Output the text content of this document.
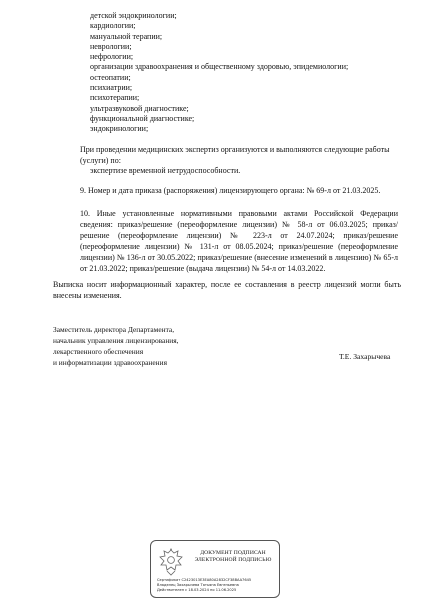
детской эндокринологии;
кардиологии;
мануальной терапии;
неврологии;
нефрологии;
организации здравоохранения и общественному здоровью, эпидемиологии;
остеопатии;
психиатрии;
психотерапии;
ультразвуковой диагностике;
функциональной диагностике;
эндокринологии;
При проведении медицинских экспертиз организуются и выполняются следующие работы (услуги) по:
экспертизе временной нетрудоспособности.
9. Номер и дата приказа (распоряжения) лицензирующего органа: № 69-л от 21.03.2025.

10. Иные установленные нормативными правовыми актами Российской Федерации сведения: приказ/решение (переоформление лицензии) № 58-л от 06.03.2025; приказ/решение (переоформление лицензии) № 223-л от 24.07.2024; приказ/решение (переоформление лицензии) № 131-л от 08.05.2024; приказ/решение (переоформление лицензии) № 136-л от 30.05.2022; приказ/решение (внесение изменений в лицензию) № 65-л от 21.03.2022; приказ/решение (выдача лицензии) № 54-л от 14.03.2022.

Выписка носит информационный характер, после ее составления в реестр лицензий могли быть внесены изменения.

Заместитель директора Департамента,
начальник управления лицензирования,
лекарственного обеспечения
и информатизации здравоохранения
Т.Е. Захарычева
ДОКУМЕНТ ПОДПИСАН
ЭЛЕКТРОННОЙ ПОДПИСЬЮ
Сертификат C2423013E3EA80A2832CF38BAA7645
Владелец Захарычева Татьяна Евгеньевна
Действителен с 18.03.2024 по 11.06.2025
